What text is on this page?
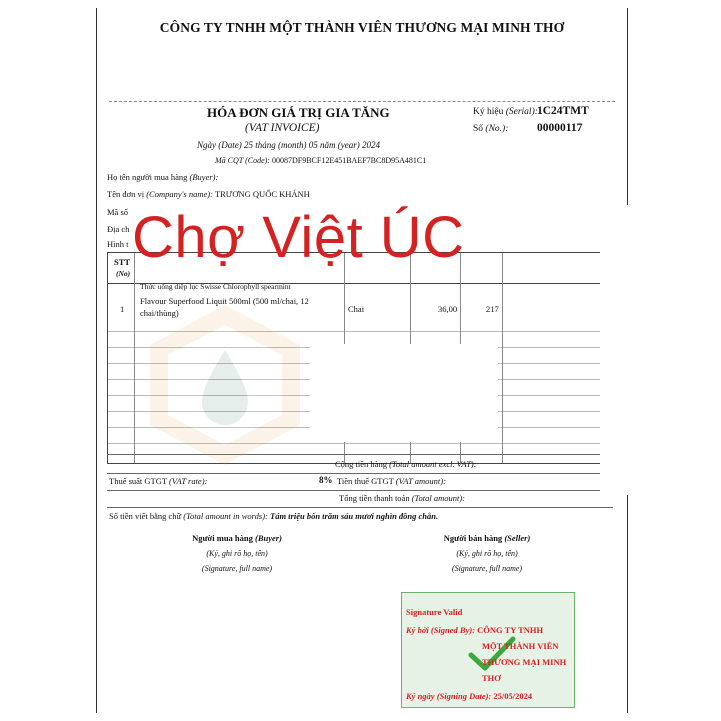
CÔNG TY TNHH MỘT THÀNH VIÊN THƯƠNG MẠI MINH THƠ
HÓA ĐƠN GIÁ TRỊ GIA TĂNG
(VAT INVOICE)
Ngày (Date) 25 tháng (month) 05 năm (year) 2024
Mã CQT (Code): 00087DF9BCF12E451BAEF7BC8D95A481C1
Ký hiệu (Serial): 1C24TMT
Số (No.): 00000117
Họ tên người mua hàng (Buyer):
Tên đơn vị (Company's name): TRƯƠNG QUỐC KHÁNH
Mã số
Địa ch
Hình t
STT
(No)
Thức uống diệp lục Swisse Chlorophyll spearmint
1
Flavour Superfood Liquit 500ml (500 ml/chai, 12 chai/thùng)	Chai	36,00	217
Cộng tiền hàng (Total amount excl. VAT):
Thuế suất GTGT (VAT rate):	8% Tiền thuế GTGT (VAT amount):
Tổng tiền thanh toán (Total amount):
Số tiền viết bằng chữ (Total amount in words): Tám triệu bốn trăm sáu mươi nghìn đồng chẵn.
Người mua hàng (Buyer)
(Ký, ghi rõ họ, tên)
(Signature, full name)
Người bán hàng (Seller)
(Ký, ghi rõ họ, tên)
(Signature, full name)
Signature Valid
Ký bởi (Signed By): CÔNG TY TNHH
MỘT THÀNH VIÊN
THƯƠNG MẠI MINH
THƠ
Ký ngày (Signing Date): 25/05/2024
Chợ Việt ÚC
